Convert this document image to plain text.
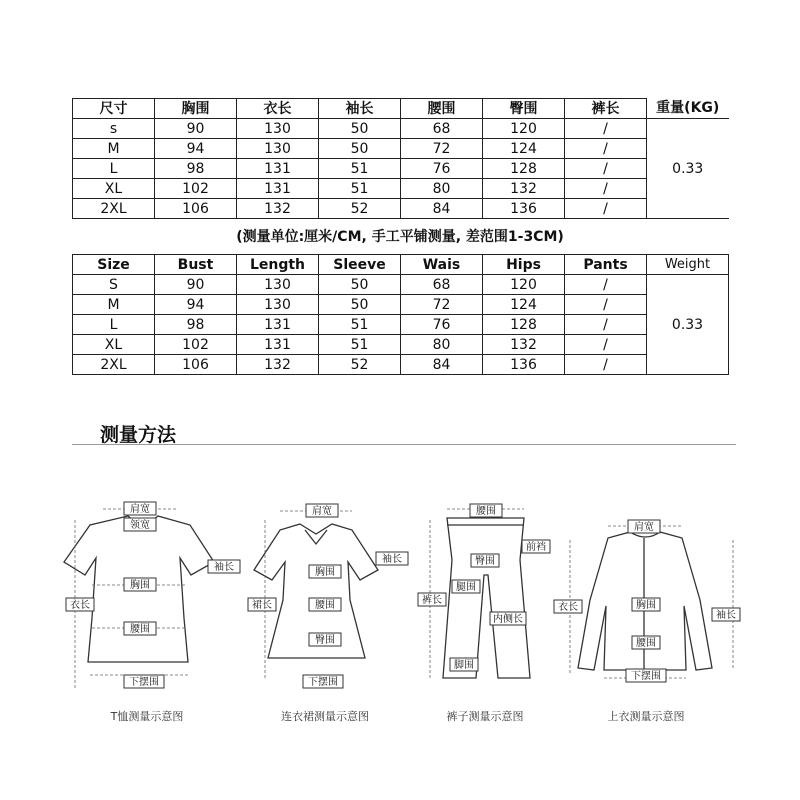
尺寸	胸围	衣长	袖长	腰围	臀围	裤长	重量(KG)
s	90	130	50	68	120	/	0.33
M	94	130	50	72	124	/	
L	98	131	51	76	128	/	
XL	102	131	51	80	132	/	
2XL	106	132	52	84	136	/	
(测量单位:厘米/CM, 手工平铺测量, 差范围1-3CM)
Size	Bust	Length	Sleeve	Wais	Hips	Pants	Weight
S	90	130	50	68	120	/	0.33
M	94	130	50	72	124	/	
L	98	131	51	76	128	/	
XL	102	131	51	80	132	/	
2XL	106	132	52	84	136	/	
测量方法
肩宽
领宽
袖长
衣长
胸围
腰围
下摆围
肩宽
袖长
裙长
胸围
腰围
臀围
下摆围
腰围
前裆
臀围
裤长
腿围
内侧长
脚围
肩宽
衣长
袖长
胸围
腰围
下摆围
T恤测量示意图	连衣裙测量示意图	裤子测量示意图	上衣测量示意图
